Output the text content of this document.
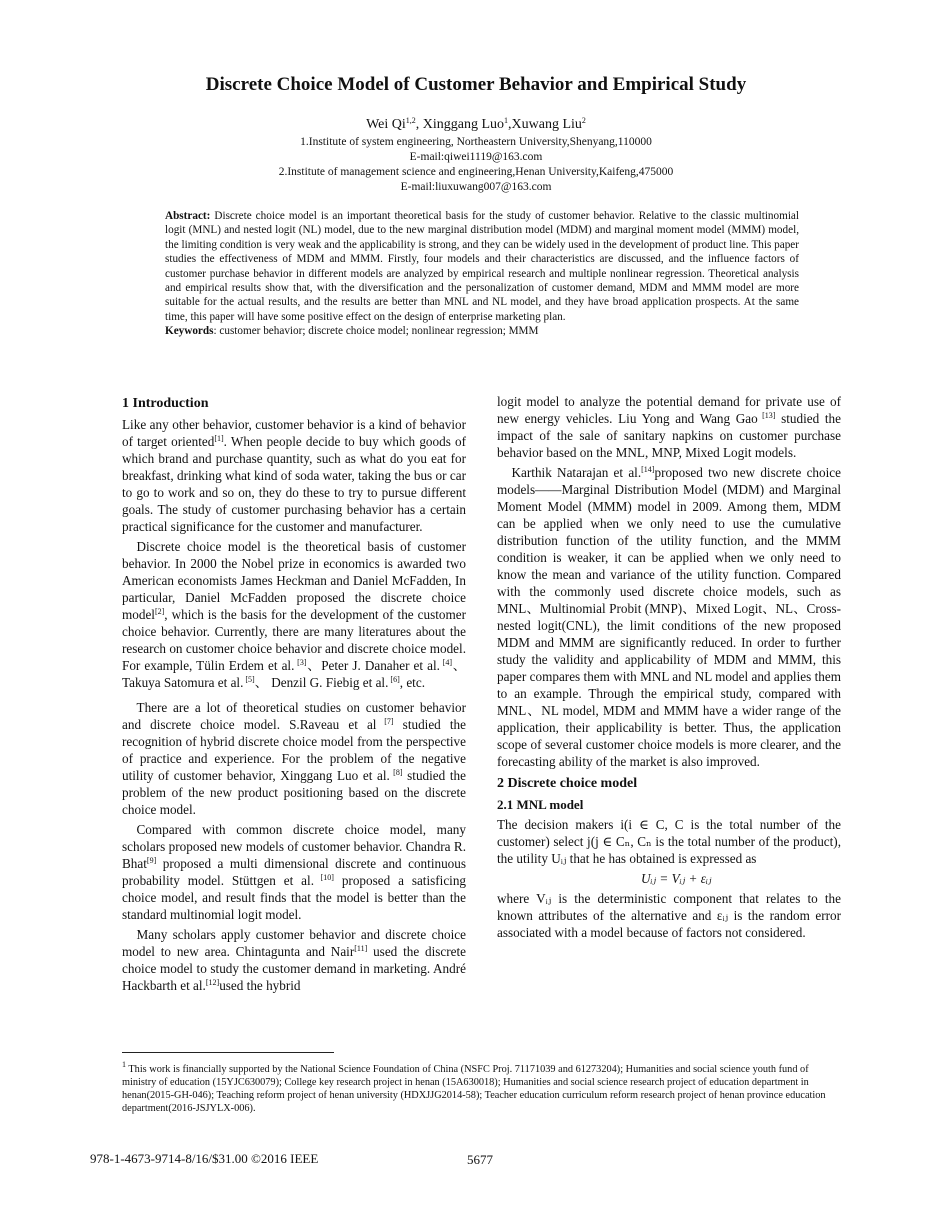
Discrete Choice Model of Customer Behavior and Empirical Study
Wei Qi$^{1,2}$, Xinggang Luo$^1$,Xuwang Liu$^2$
1.Institute of system engineering, Northeastern University,Shenyang,110000
E-mail:qiwei1119@163.com
2.Institute of management science and engineering,Henan University,Kaifeng,475000
E-mail:liuxuwang007@163.com
Abstract: Discrete choice model is an important theoretical basis for the study of customer behavior. Relative to the classic multinomial logit (MNL) and nested logit (NL) model, due to the new marginal distribution model (MDM) and marginal moment model (MMM) model, the limiting condition is very weak and the applicability is strong, and they can be widely used in the development of product line. This paper studies the effectiveness of MDM and MMM. Firstly, four models and their characteristics are discussed, and the influence factors of customer purchase behavior in different models are analyzed by empirical research and multiple nonlinear regression. Theoretical analysis and empirical results show that, with the diversification and the personalization of customer demand, MDM and MMM model are more suitable for the actual results, and the results are better than MNL and NL model, and they have broad application prospects. At the same time, this paper will have some positive effect on the design of enterprise marketing plan.
Keywords: customer behavior; discrete choice model; nonlinear regression; MMM
1 Introduction

Like any other behavior, customer behavior is a kind of behavior of target oriented[1]. When people decide to buy which goods of which brand and purchase quantity, such as what do you eat for breakfast, drinking what kind of soda water, taking the bus or car to go to work and so on, they do these to try to pursue different goals. The study of customer purchasing behavior has a certain practical significance for the customer and manufacturer.

Discrete choice model is the theoretical basis of customer behavior. In 2000 the Nobel prize in economics is awarded two American economists James Heckman and Daniel McFadden, In particular, Daniel McFadden proposed the discrete choice model[2], which is the basis for the development of the customer choice behavior. Currently, there are many literatures about the research on customer choice behavior and discrete choice model. For example, Tülin Erdem et al. [3]、Peter J. Danaher et al. [4]、Takuya Satomura et al. [5]、 Denzil G. Fiebig et al. [6], etc.

There are a lot of theoretical studies on customer behavior and discrete choice model. S.Raveau et al [7] studied the recognition of hybrid discrete choice model from the perspective of practice and experience. For the problem of the negative utility of customer behavior, Xinggang Luo et al. [8] studied the problem of the new product positioning based on the discrete choice model.

Compared with common discrete choice model, many scholars proposed new models of customer behavior. Chandra R. Bhat[9] proposed a multi dimensional discrete and continuous probability model. Stüttgen et al. [10] proposed a satisficing choice model, and result finds that the model is better than the standard multinomial logit model.

Many scholars apply customer behavior and discrete choice model to new area. Chintagunta and Nair[11] used the discrete choice model to study the customer demand in marketing. André Hackbarth et al.[12]used the hybrid

logit model to analyze the potential demand for private use of new energy vehicles. Liu Yong and Wang Gao [13] studied the impact of the sale of sanitary napkins on customer purchase behavior based on the MNL, MNP, Mixed Logit models.

Karthik Natarajan et al.[14]proposed two new discrete choice models——Marginal Distribution Model (MDM) and Marginal Moment Model (MMM) model in 2009. Among them, MDM can be applied when we only need to use the cumulative distribution function of the utility function, and the MMM condition is weaker, it can be applied when we only need to know the mean and variance of the utility function. Compared with the commonly used discrete choice models, such as MNL、Multinomial Probit (MNP)、Mixed Logit、NL、Cross-nested logit(CNL), the limit conditions of the new proposed MDM and MMM are significantly reduced. In order to further study the validity and applicability of MDM and MMM, this paper compares them with MNL and NL model and applies them to an example. Through the empirical study, compared with MNL、NL model, MDM and MMM have a wider range of the application, their applicability is better. Thus, the application scope of several customer choice models is more clearer, and the forecasting ability of the market is also improved.

2 Discrete choice model
2.1 MNL model

The decision makers i(i ∈ C, C is the total number of the customer) select j(j ∈ Cₙ, Cₙ is the total number of the product), the utility Uᵢⱼ that he has obtained is expressed as

Uᵢⱼ = Vᵢⱼ + εᵢⱼ

where Vᵢⱼ is the deterministic component that relates to the known attributes of the alternative and εᵢⱼ is the random error associated with a model because of factors not considered.

$^1$ This work is financially supported by the National Science Foundation of China (NSFC Proj. 71171039 and 61273204); Humanities and social science youth fund of ministry of education (15YJC630079); College key research project in henan (15A630018); Humanities and social science research project of education department in henan(2015-GH-046); Teaching reform project of henan university (HDXJJG2014-58); Teacher education curriculum reform research project of henan province education department(2016-JSJYLX-006).
978-1-4673-9714-8/16/$31.00 ©2016 IEEE	5677
